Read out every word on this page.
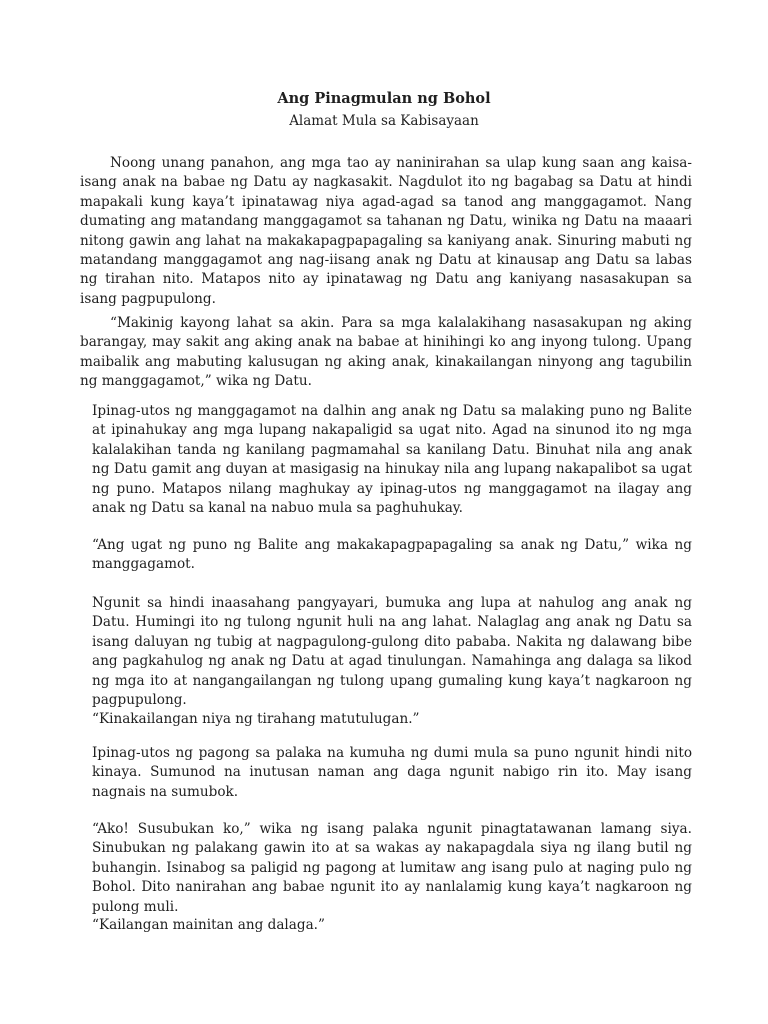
Ang Pinagmulan ng Bohol

Alamat Mula sa Kabisayaan

Noong unang panahon, ang mga tao ay naninirahan sa ulap kung saan ang kaisa-isang anak na babae ng Datu ay nagkasakit. Nagdulot ito ng bagabag sa Datu at hindi mapakali kung kaya’t ipinatawag niya agad-agad sa tanod ang manggagamot. Nang dumating ang matandang manggagamot sa tahanan ng Datu, winika ng Datu na maaari nitong gawin ang lahat na makakapagpapagaling sa kaniyang anak. Sinuring mabuti ng matandang manggagamot ang nag-iisang anak ng Datu at kinausap ang Datu sa labas ng tirahan nito. Matapos nito ay ipinatawag ng Datu ang kaniyang nasasakupan sa isang pagpupulong.

“Makinig kayong lahat sa akin. Para sa mga kalalakihang nasasakupan ng aking barangay, may sakit ang aking anak na babae at hinihingi ko ang inyong tulong. Upang maibalik ang mabuting kalusugan ng aking anak, kinakailangan ninyong ang tagubilin ng manggagamot,” wika ng Datu.

Ipinag-utos ng manggagamot na dalhin ang anak ng Datu sa malaking puno ng Balite at ipinahukay ang mga lupang nakapaligid sa ugat nito. Agad na sinunod ito ng mga kalalakihan tanda ng kanilang pagmamahal sa kanilang Datu. Binuhat nila ang anak ng Datu gamit ang duyan at masigasig na hinukay nila ang lupang nakapalibot sa ugat ng puno. Matapos nilang maghukay ay ipinag-utos ng manggagamot na ilagay ang anak ng Datu sa kanal na nabuo mula sa paghuhukay.

“Ang ugat ng puno ng Balite ang makakapagpapagaling sa anak ng Datu,” wika ng manggagamot.

Ngunit sa hindi inaasahang pangyayari, bumuka ang lupa at nahulog ang anak ng Datu. Humingi ito ng tulong ngunit huli na ang lahat. Nalaglag ang anak ng Datu sa isang daluyan ng tubig at nagpagulong-gulong dito pababa. Nakita ng dalawang bibe ang pagkahulog ng anak ng Datu at agad tinulungan. Namahinga ang dalaga sa likod ng mga ito at nangangailangan ng tulong upang gumaling kung kaya’t nagkaroon ng pagpupulong.

“Kinakailangan niya ng tirahang matutulugan.”

Ipinag-utos ng pagong sa palaka na kumuha ng dumi mula sa puno ngunit hindi nito kinaya. Sumunod na inutusan naman ang daga ngunit nabigo rin ito. May isang nagnais na sumubok.

“Ako! Susubukan ko,” wika ng isang palaka ngunit pinagtatawanan lamang siya. Sinubukan ng palakang gawin ito at sa wakas ay nakapagdala siya ng ilang butil ng buhangin. Isinabog sa paligid ng pagong at lumitaw ang isang pulo at naging pulo ng Bohol. Dito nanirahan ang babae ngunit ito ay nanlalamig kung kaya’t nagkaroon ng pulong muli.

“Kailangan mainitan ang dalaga.”
